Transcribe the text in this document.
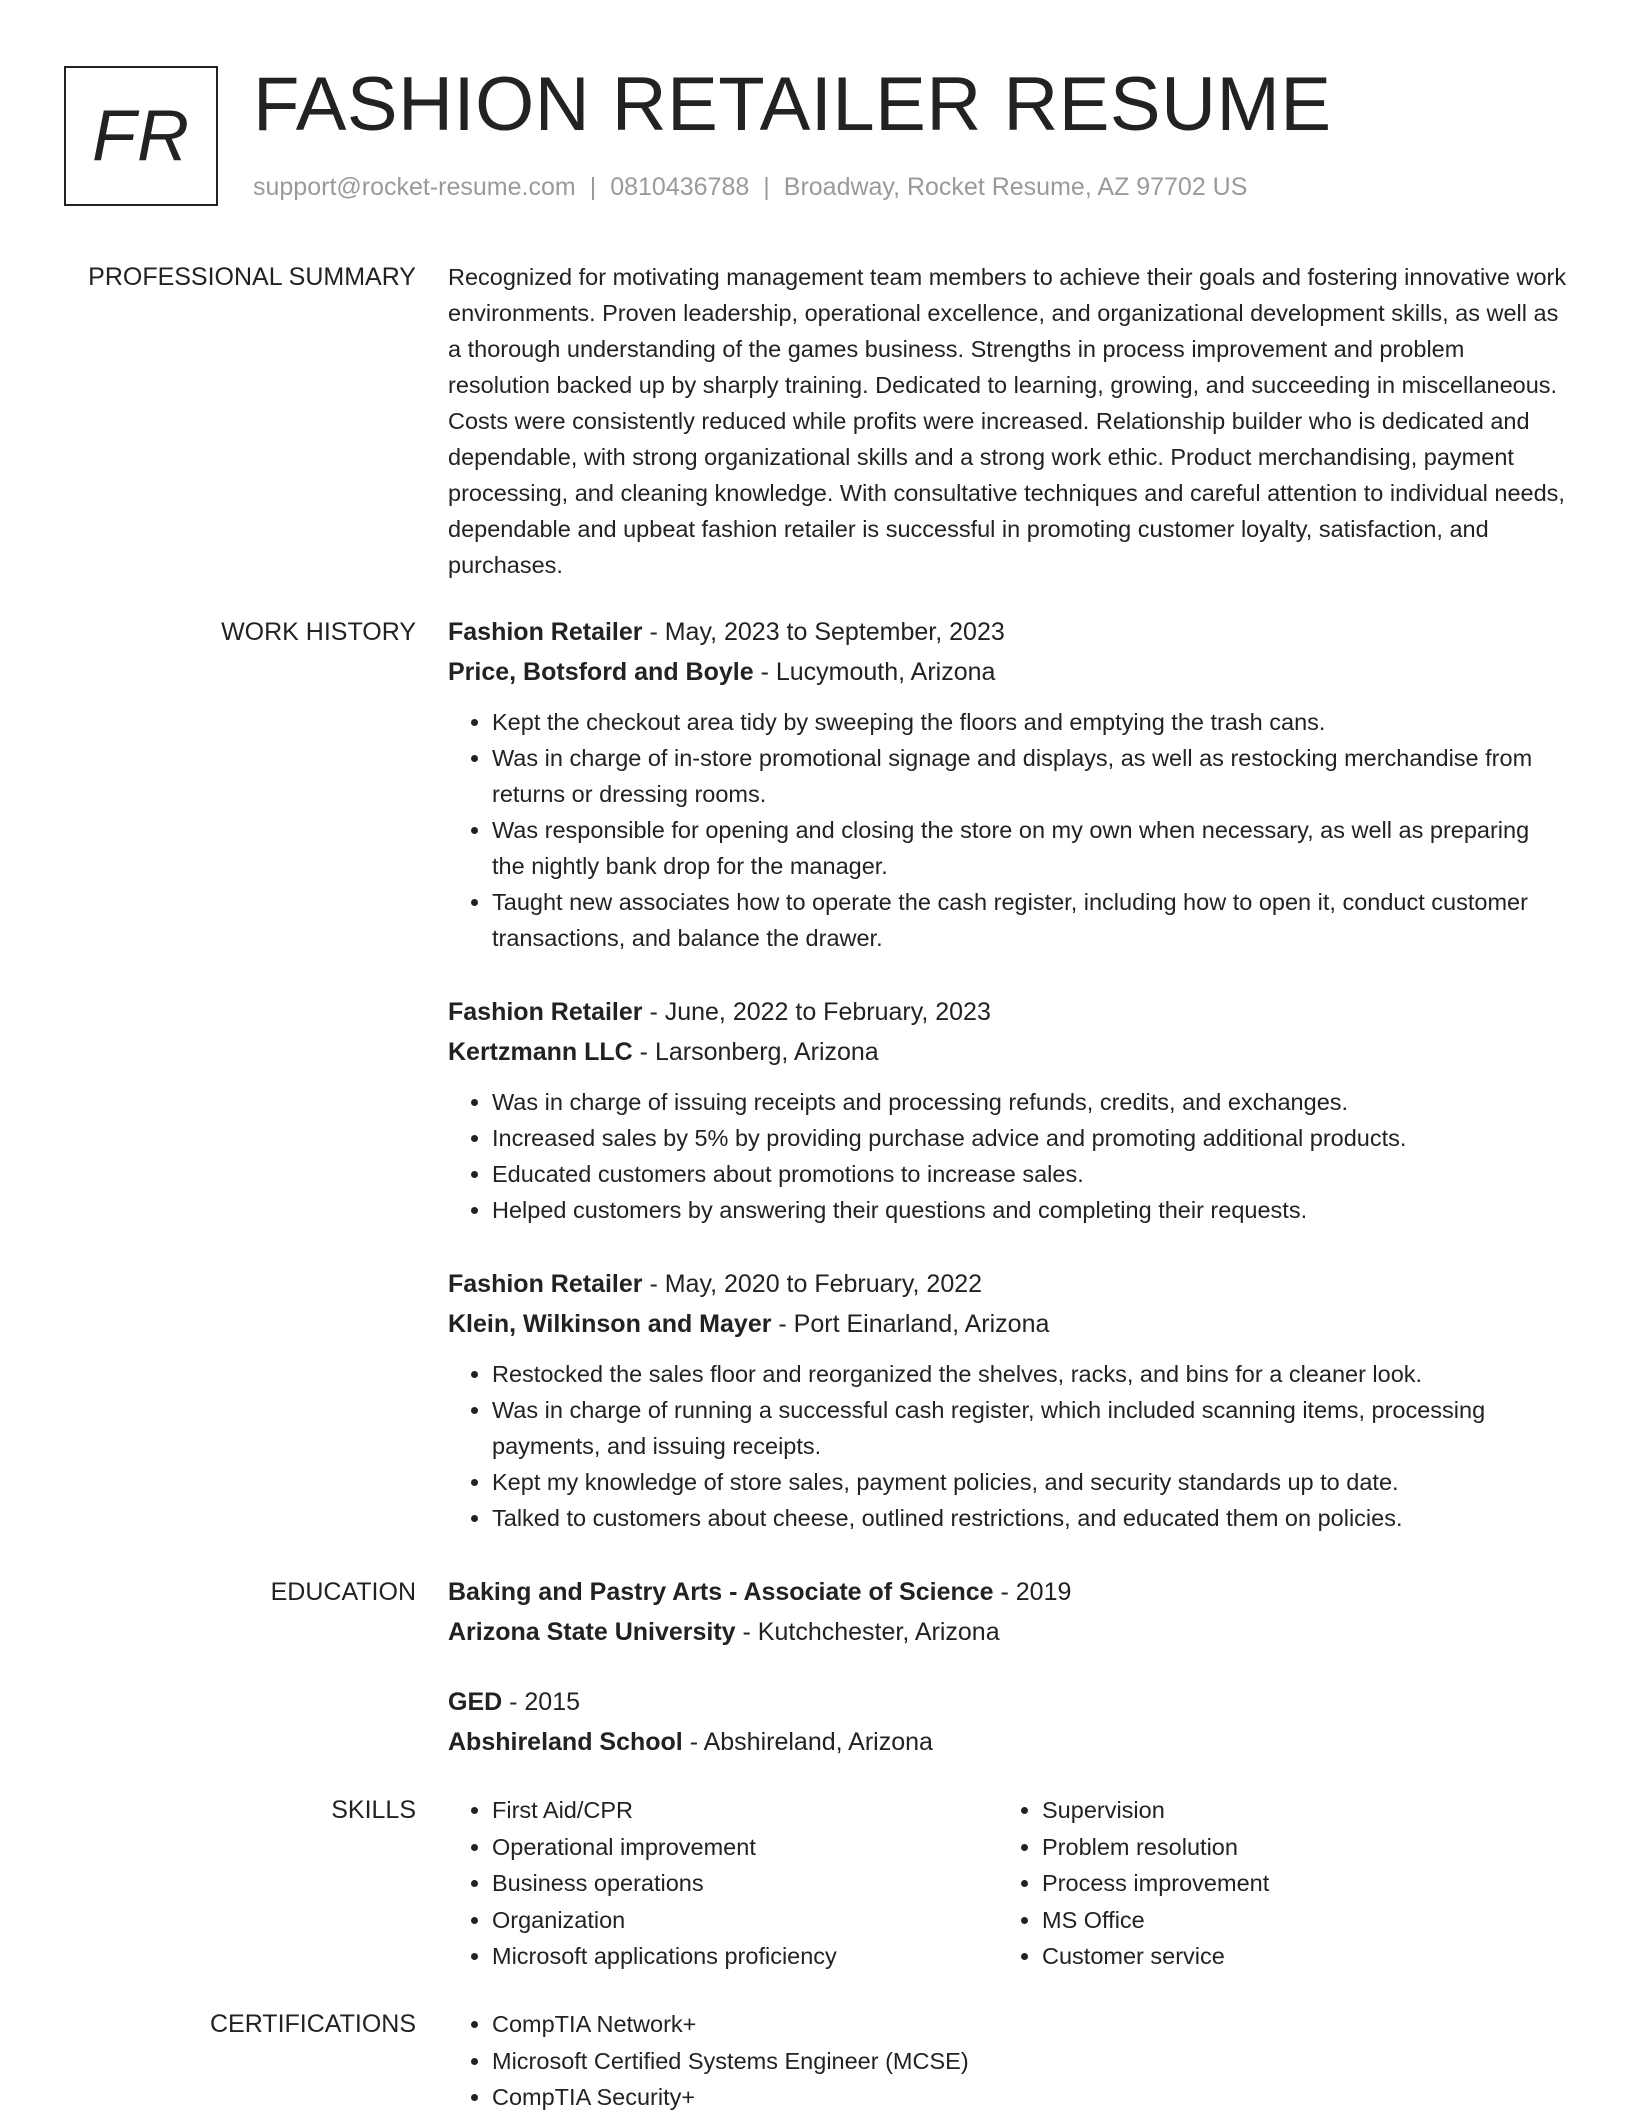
FR FASHION RETAILER RESUME
support@rocket-resume.com | 0810436788 | Broadway, Rocket Resume, AZ 97702 US
PROFESSIONAL SUMMARY Recognized for motivating management team members to achieve their goals and fostering innovative work environments. Proven leadership, operational excellence, and organizational development skills, as well as a thorough understanding of the games business. Strengths in process improvement and problem resolution backed up by sharply training. Dedicated to learning, growing, and succeeding in miscellaneous. Costs were consistently reduced while profits were increased. Relationship builder who is dedicated and dependable, with strong organizational skills and a strong work ethic. Product merchandising, payment processing, and cleaning knowledge. With consultative techniques and careful attention to individual needs, dependable and upbeat fashion retailer is successful in promoting customer loyalty, satisfaction, and purchases.

WORK HISTORY Fashion Retailer - May, 2023 to September, 2023
Price, Botsford and Boyle - Lucymouth, Arizona
• Kept the checkout area tidy by sweeping the floors and emptying the trash cans.
• Was in charge of in-store promotional signage and displays, as well as restocking merchandise from returns or dressing rooms.
• Was responsible for opening and closing the store on my own when necessary, as well as preparing the nightly bank drop for the manager.
• Taught new associates how to operate the cash register, including how to open it, conduct customer transactions, and balance the drawer.
Fashion Retailer - June, 2022 to February, 2023
Kertzmann LLC - Larsonberg, Arizona
• Was in charge of issuing receipts and processing refunds, credits, and exchanges.
• Increased sales by 5% by providing purchase advice and promoting additional products.
• Educated customers about promotions to increase sales.
• Helped customers by answering their questions and completing their requests.
Fashion Retailer - May, 2020 to February, 2022
Klein, Wilkinson and Mayer - Port Einarland, Arizona
• Restocked the sales floor and reorganized the shelves, racks, and bins for a cleaner look.
• Was in charge of running a successful cash register, which included scanning items, processing payments, and issuing receipts.
• Kept my knowledge of store sales, payment policies, and security standards up to date.
• Talked to customers about cheese, outlined restrictions, and educated them on policies.
EDUCATION Baking and Pastry Arts - Associate of Science - 2019
Arizona State University - Kutchchester, Arizona
GED - 2015
Abshireland School - Abshireland, Arizona
SKILLS	• First Aid/CPR
• Operational improvement
• Business operations
• Organization
• Microsoft applications proficiency
• Supervision
• Problem resolution
• Process improvement
• MS Office
• Customer service
CERTIFICATIONS	• CompTIA Network+
• Microsoft Certified Systems Engineer (MCSE)
• CompTIA Security+
